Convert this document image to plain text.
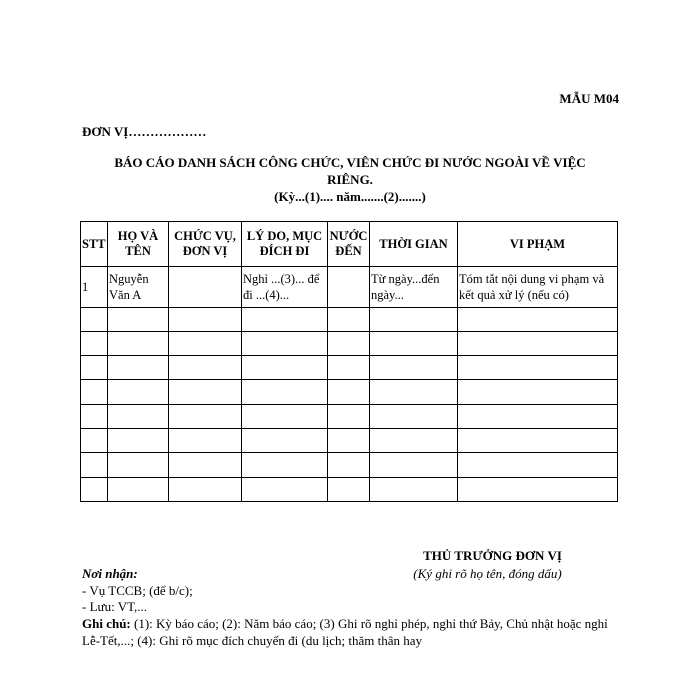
MẪU M04
ĐƠN VỊ………………
BÁO CÁO DANH SÁCH CÔNG CHỨC, VIÊN CHỨC ĐI NƯỚC NGOÀI VỀ VIỆC RIÊNG.
(Kỳ...(1).... năm.......(2).......)
STT	HỌ VÀ TÊN	CHỨC VỤ, ĐƠN VỊ	LÝ DO, MỤC ĐÍCH ĐI	NƯỚC ĐẾN	THỜI GIAN	VI PHẠM
1	Nguyễn Văn A		Nghỉ ...(3)... để đi ...(4)...		Từ ngày...đến ngày...	Tóm tắt nội dung vi phạm và kết quả xử lý (nếu có)

THỦ TRƯỞNG ĐƠN VỊ
(Ký ghi rõ họ tên, đóng dấu)
Nơi nhận:
- Vụ TCCB; (để b/c);
- Lưu: VT,...
Ghi chú: (1): Kỳ báo cáo; (2): Năm báo cáo; (3) Ghi rõ nghỉ phép, nghỉ thứ Bảy, Chủ nhật hoặc nghỉ Lễ-Tết,...; (4): Ghi rõ mục đích chuyến đi (du lịch; thăm thân hay
